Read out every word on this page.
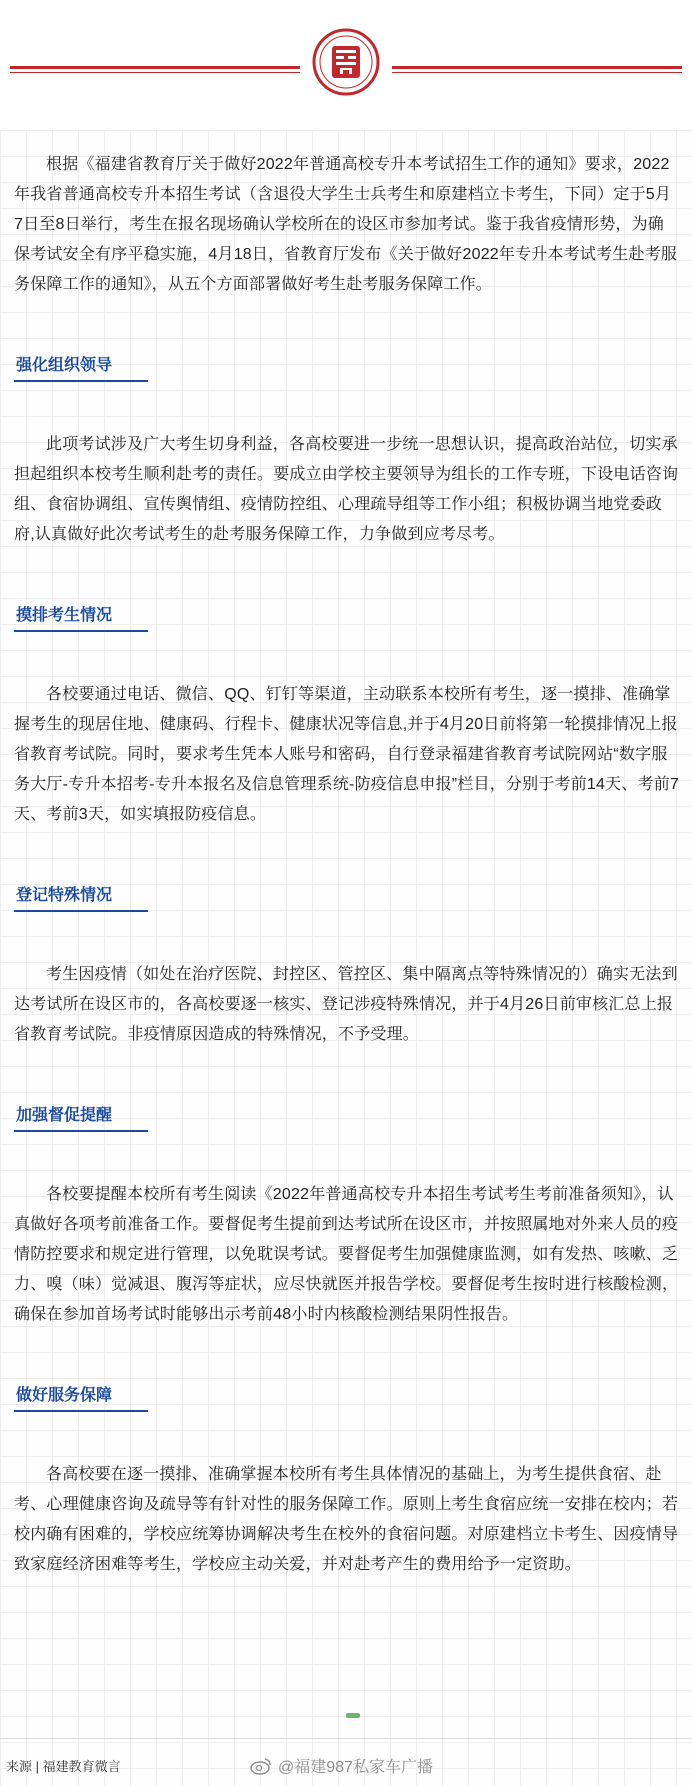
根据《福建省教育厅关于做好2022年普通高校专升本考试招生工作的通知》要求，2022年我省普通高校专升本招生考试（含退役大学生士兵考生和原建档立卡考生，下同）定于5月7日至8日举行，考生在报名现场确认学校所在的设区市参加考试。鉴于我省疫情形势，为确保考试安全有序平稳实施，4月18日，省教育厅发布《关于做好2022年专升本考试考生赴考服务保障工作的通知》，从五个方面部署做好考生赴考服务保障工作。

强化组织领导

此项考试涉及广大考生切身利益，各高校要进一步统一思想认识，提高政治站位，切实承担起组织本校考生顺利赴考的责任。要成立由学校主要领导为组长的工作专班，下设电话咨询组、食宿协调组、宣传舆情组、疫情防控组、心理疏导组等工作小组；积极协调当地党委政府,认真做好此次考试考生的赴考服务保障工作，力争做到应考尽考。

摸排考生情况

各校要通过电话、微信、QQ、钉钉等渠道，主动联系本校所有考生，逐一摸排、准确掌握考生的现居住地、健康码、行程卡、健康状况等信息,并于4月20日前将第一轮摸排情况上报省教育考试院。同时，要求考生凭本人账号和密码，自行登录福建省教育考试院网站“数字服务大厅-专升本招考-专升本报名及信息管理系统-防疫信息申报”栏目，分别于考前14天、考前7天、考前3天，如实填报防疫信息。

登记特殊情况

考生因疫情（如处在治疗医院、封控区、管控区、集中隔离点等特殊情况的）确实无法到达考试所在设区市的，各高校要逐一核实、登记涉疫特殊情况，并于4月26日前审核汇总上报省教育考试院。非疫情原因造成的特殊情况，不予受理。

加强督促提醒

各校要提醒本校所有考生阅读《2022年普通高校专升本招生考试考生考前准备须知》，认真做好各项考前准备工作。要督促考生提前到达考试所在设区市，并按照属地对外来人员的疫情防控要求和规定进行管理，以免耽误考试。要督促考生加强健康监测，如有发热、咳嗽、乏力、嗅（味）觉减退、腹泻等症状，应尽快就医并报告学校。要督促考生按时进行核酸检测，确保在参加首场考试时能够出示考前48小时内核酸检测结果阴性报告。

做好服务保障

各高校要在逐一摸排、准确掌握本校所有考生具体情况的基础上，为考生提供食宿、赴考、心理健康咨询及疏导等有针对性的服务保障工作。原则上考生食宿应统一安排在校内；若校内确有困难的，学校应统筹协调解决考生在校外的食宿问题。对原建档立卡考生、因疫情导致家庭经济困难等考生，学校应主动关爱，并对赴考产生的费用给予一定资助。

来源 | 福建教育微言	@福建987私家车广播
